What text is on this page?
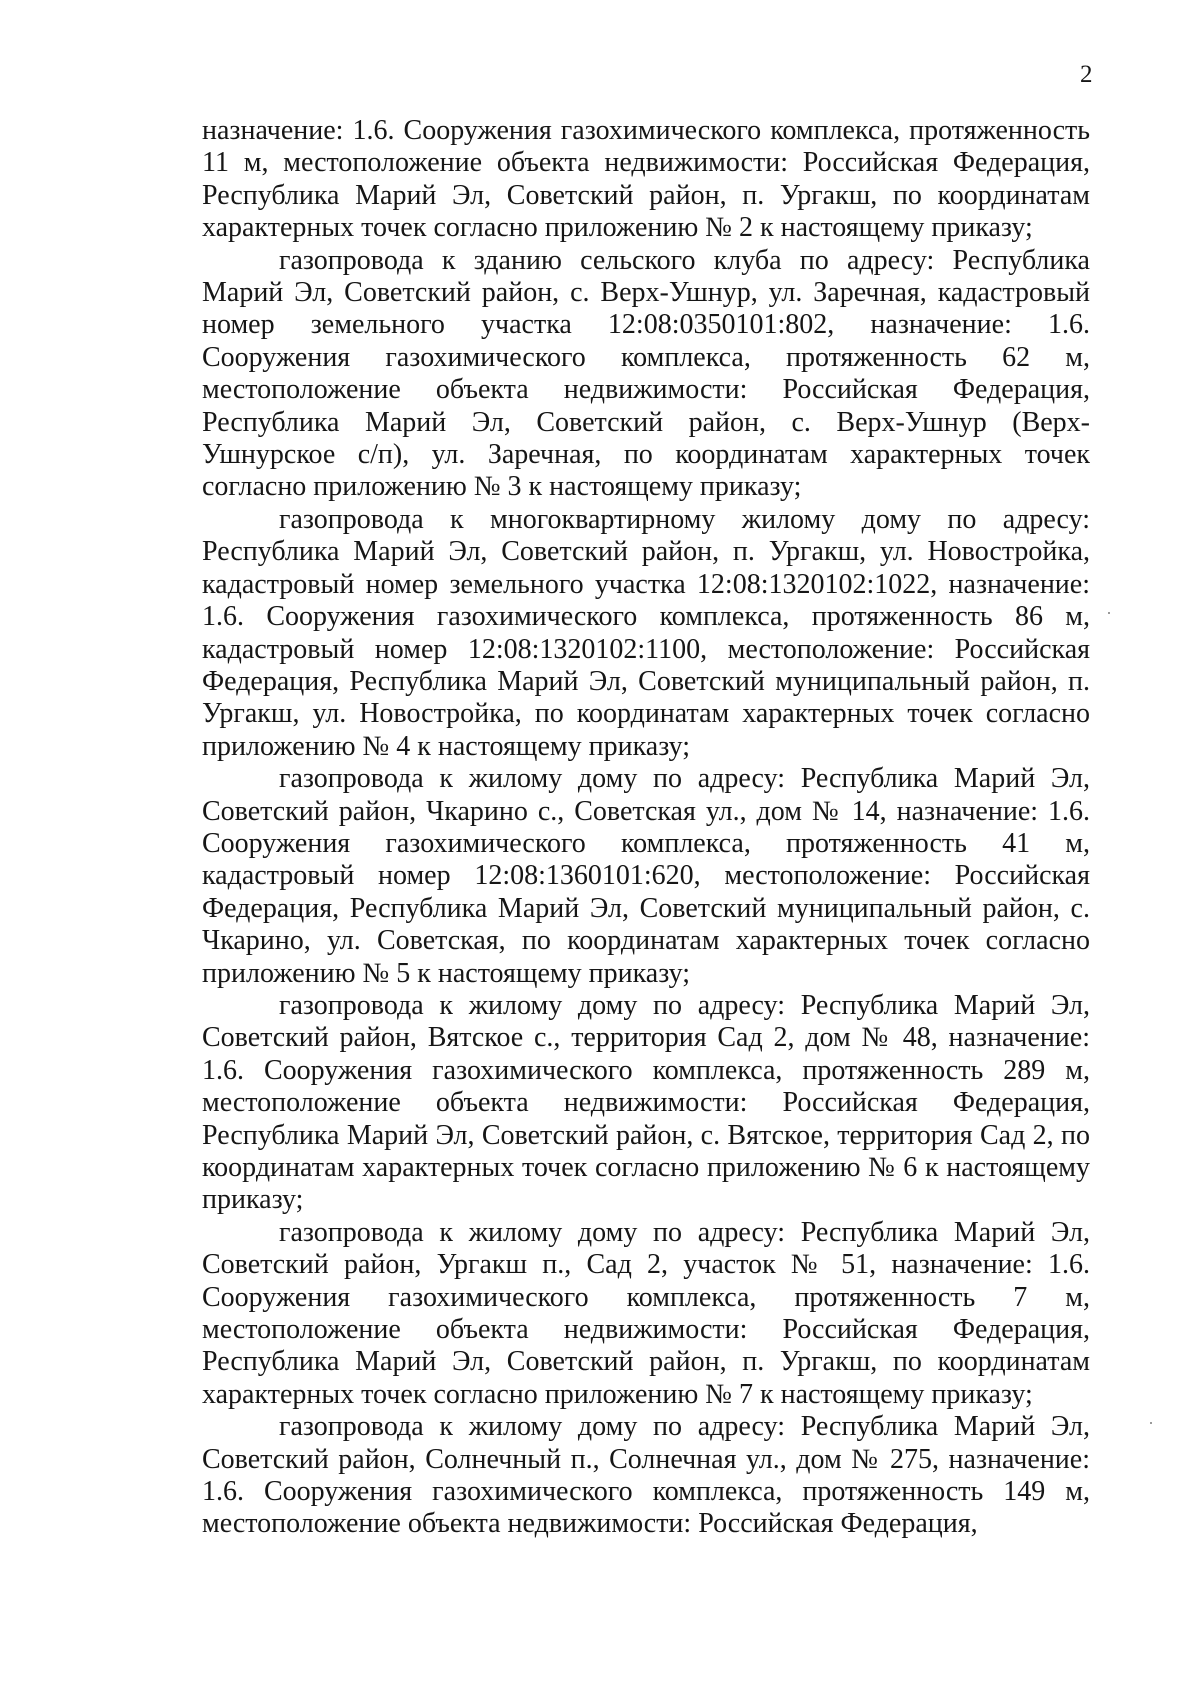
2

назначение: 1.6. Сооружения газохимического комплекса, протяженность 11 м, местоположение объекта недвижимости: Российская Федерация, Республика Марий Эл, Советский район, п. Ургакш, по координатам характерных точек согласно приложению № 2 к настоящему приказу;

газопровода к зданию сельского клуба по адресу: Республика Марий Эл, Советский район, с. Верх-Ушнур, ул. Заречная, кадастровый номер земельного участка 12:08:0350101:802, назначение: 1.6. Сооружения газохимического комплекса, протяженность 62 м, местоположение объекта недвижимости: Российская Федерация, Республика Марий Эл, Советский район, с. Верх-Ушнур (Верх-Ушнурское с/п), ул. Заречная, по координатам характерных точек согласно приложению № 3 к настоящему приказу;

газопровода к многоквартирному жилому дому по адресу: Республика Марий Эл, Советский район, п. Ургакш, ул. Новостройка, кадастровый номер земельного участка 12:08:1320102:1022, назначение: 1.6. Сооружения газохимического комплекса, протяженность 86 м, кадастровый номер 12:08:1320102:1100, местоположение: Российская Федерация, Республика Марий Эл, Советский муниципальный район, п. Ургакш, ул. Новостройка, по координатам характерных точек согласно приложению № 4 к настоящему приказу;

газопровода к жилому дому по адресу: Республика Марий Эл, Советский район, Чкарино с., Советская ул., дом № 14, назначение: 1.6. Сооружения газохимического комплекса, протяженность 41 м, кадастровый номер 12:08:1360101:620, местоположение: Российская Федерация, Республика Марий Эл, Советский муниципальный район, с. Чкарино, ул. Советская, по координатам характерных точек согласно приложению № 5 к настоящему приказу;

газопровода к жилому дому по адресу: Республика Марий Эл, Советский район, Вятское с., территория Сад 2, дом № 48, назначение: 1.6. Сооружения газохимического комплекса, протяженность 289 м, местоположение объекта недвижимости: Российская Федерация, Республика Марий Эл, Советский район, с. Вятское, территория Сад 2, по координатам характерных точек согласно приложению № 6 к настоящему приказу;

газопровода к жилому дому по адресу: Республика Марий Эл, Советский район, Ургакш п., Сад 2, участок № 51, назначение: 1.6. Сооружения газохимического комплекса, протяженность 7 м, местоположение объекта недвижимости: Российская Федерация, Республика Марий Эл, Советский район, п. Ургакш, по координатам характерных точек согласно приложению № 7 к настоящему приказу;

газопровода к жилому дому по адресу: Республика Марий Эл, Советский район, Солнечный п., Солнечная ул., дом № 275, назначение: 1.6. Сооружения газохимического комплекса, протяженность 149 м, местоположение объекта недвижимости: Российская Федерация,
